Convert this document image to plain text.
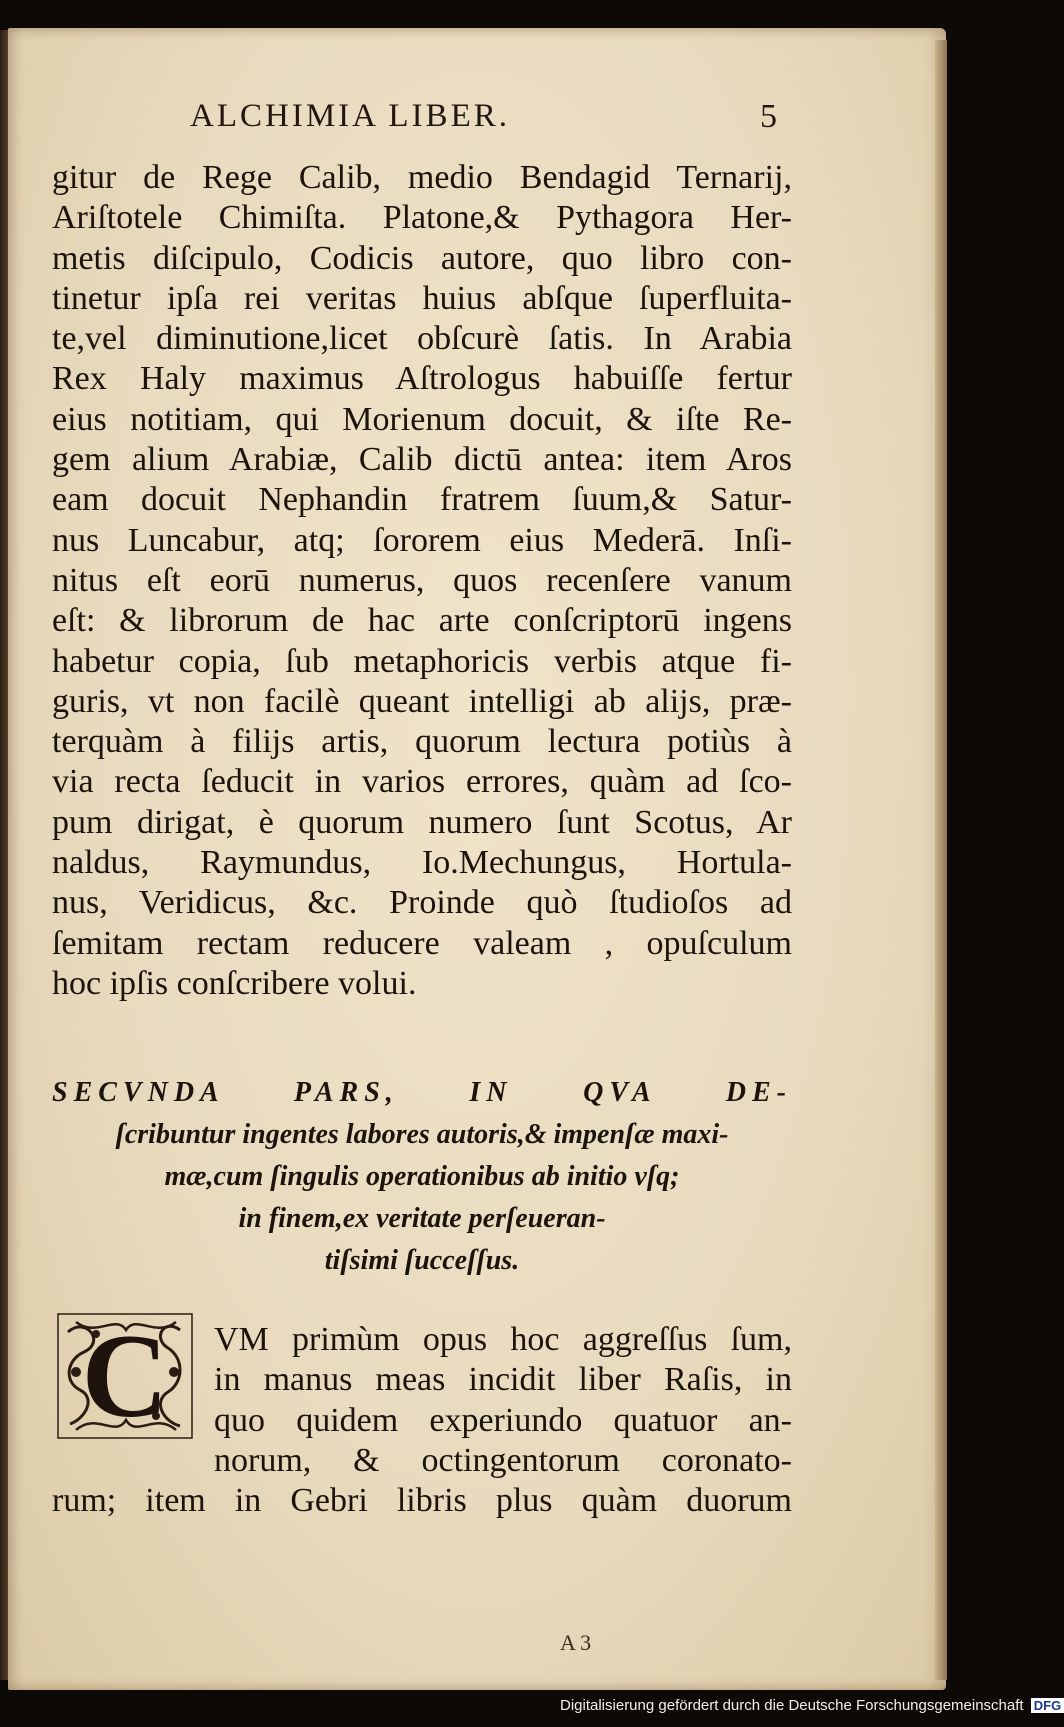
ALCHIMIA LIBER.	5
gitur de Rege Calib, medio Bendagid Ternarij,
Ariſtotele Chimiſta. Platone,& Pythagora Her-
metis diſcipulo, Codicis autore, quo libro con-
tinetur ipſa rei veritas huius abſque ſuperfluita-
te,vel diminutione,licet obſcurè ſatis. In Arabia
Rex Haly maximus Aſtrologus habuiſſe fertur
eius notitiam, qui Morienum docuit, & iſte Re-
gem alium Arabiæ, Calib dictū antea: item Aros
eam docuit Nephandin fratrem ſuum,& Satur-
nus Luncabur, atq; ſororem eius Mederā. Inſi-
nitus eſt eorū numerus, quos recenſere vanum
eſt: & librorum de hac arte conſcriptorū ingens
habetur copia, ſub metaphoricis verbis atque fi-
guris, vt non facilè queant intelligi ab alijs, præ-
terquàm à filijs artis, quorum lectura potiùs à
via recta ſeducit in varios errores, quàm ad ſco-
pum dirigat, è quorum numero ſunt Scotus, Ar
naldus, Raymundus, Io.Mechungus, Hortula-
nus, Veridicus, &c. Proinde quò ſtudioſos ad
ſemitam rectam reducere valeam , opuſculum
hoc ipſis conſcribere volui.
SECVNDA PARS, IN QVA DE-
ſcribuntur ingentes labores autoris,& impenſæ maxi-
mæ,cum ſingulis operationibus ab initio vſq;
in finem,ex veritate perſeueran-
tiſsimi ſucceſſus.
C	VM primùm opus hoc aggreſſus ſum,
in manus meas incidit liber Raſis, in
quo quidem experiundo quatuor an-
norum, & octingentorum coronato-
rum; item in Gebri libris plus quàm duorum
A 3
Digitalisierung gefördert durch die Deutsche Forschungsgemeinschaft DFG
